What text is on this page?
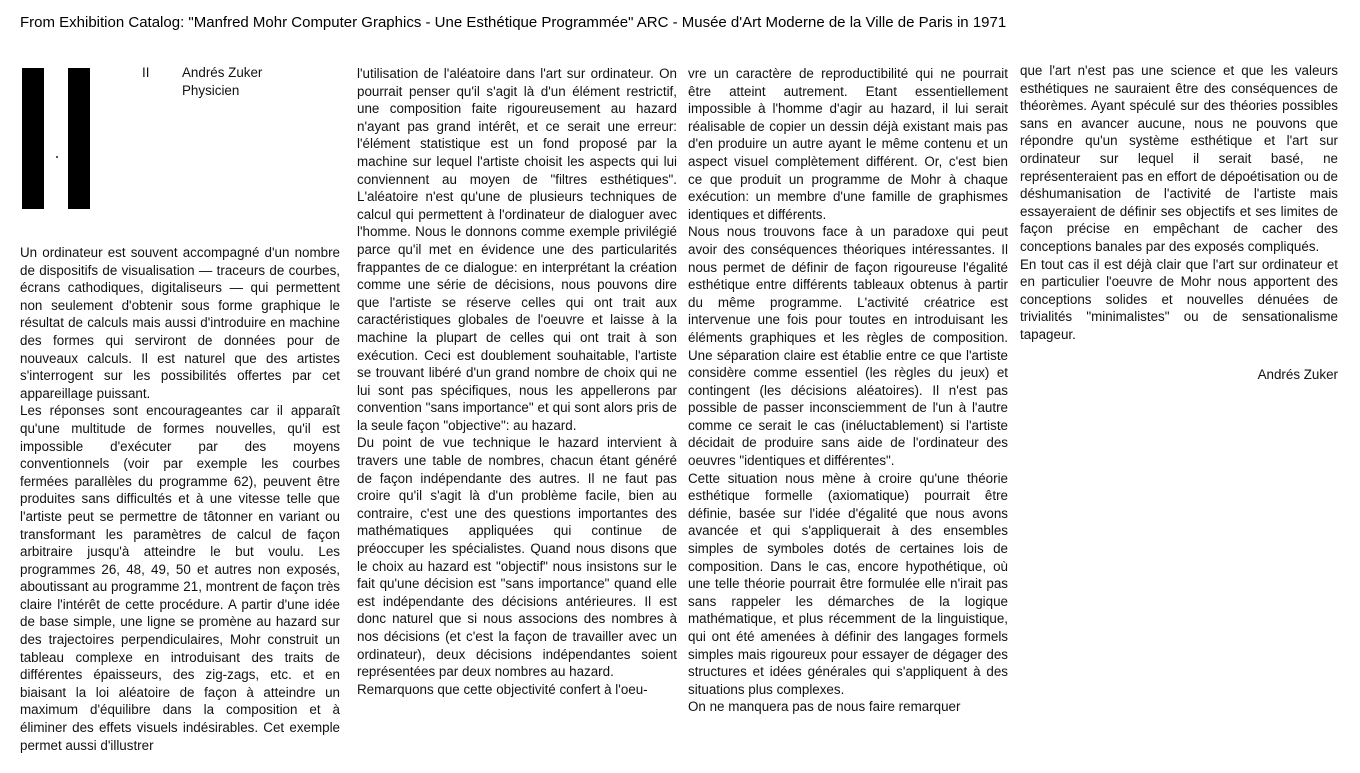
From Exhibition Catalog: "Manfred Mohr Computer Graphics - Une Esthétique Programmée" ARC - Musée d'Art Moderne de la Ville de Paris in 1971
II Andrés Zuker
Physicien

Un ordinateur est souvent accompagné d'un nombre de dispositifs de visualisation — traceurs de courbes, écrans cathodiques, digitaliseurs — qui permettent non seulement d'obtenir sous forme graphique le résultat de calculs mais aussi d'introduire en machine des formes qui serviront de données pour de nouveaux calculs. Il est naturel que des artistes s'interrogent sur les possibilités offertes par cet appareillage puissant.

Les réponses sont encourageantes car il apparaît qu'une multitude de formes nouvelles, qu'il est impossible d'exécuter par des moyens conventionnels (voir par exemple les courbes fermées parallèles du programme 62), peuvent être produites sans difficultés et à une vitesse telle que l'artiste peut se permettre de tâtonner en variant ou transformant les paramètres de calcul de façon arbitraire jusqu'à atteindre le but voulu. Les programmes 26, 48, 49, 50 et autres non exposés, aboutissant au programme 21, montrent de façon très claire l'intérêt de cette procédure. A partir d'une idée de base simple, une ligne se promène au hazard sur des trajectoires perpendiculaires, Mohr construit un tableau complexe en introduisant des traits de différentes épaisseurs, des zig-zags, etc. et en biaisant la loi aléatoire de façon à atteindre un maximum d'équilibre dans la composition et à éliminer des effets visuels indésirables. Cet exemple permet aussi d'illustrer

l'utilisation de l'aléatoire dans l'art sur ordinateur. On pourrait penser qu'il s'agit là d'un élément restrictif, une composition faite rigoureusement au hazard n'ayant pas grand intérêt, et ce serait une erreur: l'élément statistique est un fond proposé par la machine sur lequel l'artiste choisit les aspects qui lui conviennent au moyen de "filtres esthétiques". L'aléatoire n'est qu'une de plusieurs techniques de calcul qui permettent à l'ordinateur de dialoguer avec l'homme. Nous le donnons comme exemple privilégié parce qu'il met en évidence une des particularités frappantes de ce dialogue: en interprétant la création comme une série de décisions, nous pouvons dire que l'artiste se réserve celles qui ont trait aux caractéristiques globales de l'oeuvre et laisse à la machine la plupart de celles qui ont trait à son exécution. Ceci est doublement souhaitable, l'artiste se trouvant libéré d'un grand nombre de choix qui ne lui sont pas spécifiques, nous les appellerons par convention "sans importance" et qui sont alors pris de la seule façon "objective": au hazard.

Du point de vue technique le hazard intervient à travers une table de nombres, chacun étant généré de façon indépendante des autres. Il ne faut pas croire qu'il s'agit là d'un problème facile, bien au contraire, c'est une des questions importantes des mathématiques appliquées qui continue de préoccuper les spécialistes. Quand nous disons que le choix au hazard est "objectif" nous insistons sur le fait qu'une décision est "sans importance" quand elle est indépendante des décisions antérieures. Il est donc naturel que si nous associons des nombres à nos décisions (et c'est la façon de travailler avec un ordinateur), deux décisions indépendantes soient représentées par deux nombres au hazard.

Remarquons que cette objectivité confert à l'oeu-

vre un caractère de reproductibilité qui ne pourrait être atteint autrement. Etant essentiellement impossible à l'homme d'agir au hazard, il lui serait réalisable de copier un dessin déjà existant mais pas d'en produire un autre ayant le même contenu et un aspect visuel complètement différent. Or, c'est bien ce que produit un programme de Mohr à chaque exécution: un membre d'une famille de graphismes identiques et différents.

Nous nous trouvons face à un paradoxe qui peut avoir des conséquences théoriques intéressantes. Il nous permet de définir de façon rigoureuse l'égalité esthétique entre différents tableaux obtenus à partir du même programme. L'activité créatrice est intervenue une fois pour toutes en introduisant les éléments graphiques et les règles de composition. Une séparation claire est établie entre ce que l'artiste considère comme essentiel (les règles du jeux) et contingent (les décisions aléatoires). Il n'est pas possible de passer inconsciemment de l'un à l'autre comme ce serait le cas (inéluctablement) si l'artiste décidait de produire sans aide de l'ordinateur des oeuvres "identiques et différentes".

Cette situation nous mène à croire qu'une théorie esthétique formelle (axiomatique) pourrait être définie, basée sur l'idée d'égalité que nous avons avancée et qui s'appliquerait à des ensembles simples de symboles dotés de certaines lois de composition. Dans le cas, encore hypothétique, où une telle théorie pourrait être formulée elle n'irait pas sans rappeler les démarches de la logique mathématique, et plus récemment de la linguistique, qui ont été amenées à définir des langages formels simples mais rigoureux pour essayer de dégager des structures et idées générales qui s'appliquent à des situations plus complexes.

On ne manquera pas de nous faire remarquer

que l'art n'est pas une science et que les valeurs esthétiques ne sauraient être des conséquences de théorèmes. Ayant spéculé sur des théories possibles sans en avancer aucune, nous ne pouvons que répondre qu'un système esthétique et l'art sur ordinateur sur lequel il serait basé, ne représenteraient pas en effort de dépoétisation ou de déshumanisation de l'activité de l'artiste mais essayeraient de définir ses objectifs et ses limites de façon précise en empêchant de cacher des conceptions banales par des exposés compliqués.

En tout cas il est déjà clair que l'art sur ordinateur et en particulier l'oeuvre de Mohr nous apportent des conceptions solides et nouvelles dénuées de trivialités "minimalistes" ou de sensationalisme tapageur.

Andrés Zuker
